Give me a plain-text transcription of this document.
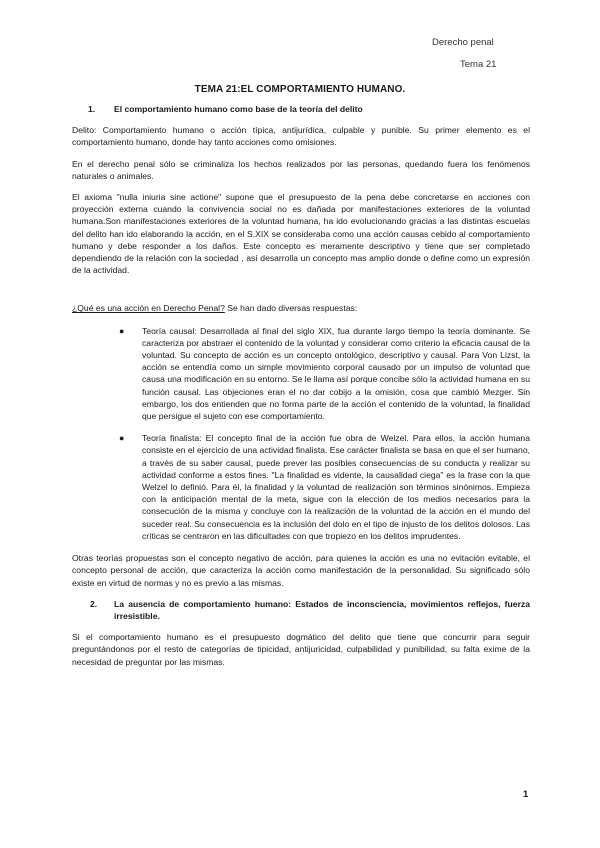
Derecho penal
Tema 21
TEMA 21:EL COMPORTAMIENTO HUMANO.
1.	El comportamiento humano como base de la teoría del delito

Delito: Comportamiento humano o acción típica, antijurídica, culpable y punible. Su primer elemento es el comportamiento humano, donde hay tanto acciones como omisiones.

En el derecho penal sólo se criminaliza los hechos realizados por las personas, quedando fuera los fenómenos naturales o animales.

El axioma "nulla iniuria sine actione" supone que el presupuesto de la pena debe concretarse en acciones con proyección externa cuando la convivencia social no es dañada por manifestaciones exteriores de la voluntad humana.Son manifestaciones exteriores de la voluntad humana, ha ido evolucionando gracias a las distintas escuelas del delito han ido elaborando la acción, en el S.XIX se consideraba como una acción causas cebido al comportamiento humano y debe responder a los daños. Este concepto es meramente descriptivo y tiene que ser completado dependiendo de la relación con la sociedad , así desarrolla un concepto mas amplio donde o define como un expresión de la actividad.

¿Qué es una acción en Derecho Penal? Se han dado diversas respuestas:

● Teoría causal: Desarrollada al final del siglo XIX, fua durante largo tiempo la teoría dominante. Se caracteriza por abstraer el contenido de la voluntad y considerar como criterio la eficacia causal de la voluntad. Su concepto de acción es un concepto ontológico, descriptivo y causal. Para Von Lizst, la acción se entendía como un simple movimiento corporal causado por un impulso de voluntad que causa una modificación en su entorno. Se le llama así porque concibe sólo la actividad humana en su función causal. Las objeciones eran el no dar cobijo a la omisión, cosa que cambió Mezger. Sin embargo, los dos entienden que no forma parte de la acción el contenido de la voluntad, la finalidad que persigue el sujeto con ese comportamiento.
● Teoría finalista: El concepto final de la acción fue obra de Welzel. Para ellos, la acción humana consiste en el ejercicio de una actividad finalista. Ese carácter finalista se basa en que el ser humano, a través de su saber causal, puede prever las posibles consecuencias de su conducta y realizar su actividad conforme a estos fines. "La finalidad es vidente, la causalidad ciega" es la frase con la que Welzel lo definió. Para él, la finalidad y la voluntad de realización son términos sinónimos. Empieza con la anticipación mental de la meta, sigue con la elección de los medios necesarios para la consecución de la misma y concluye con la realización de la voluntad de la acción en el mundo del suceder real. Su consecuencia es la inclusión del dolo en el tipo de injusto de los delitos dolosos. Las críticas se centraron en las dificultades con que tropiezo en los delitos imprudentes.

Otras teorías propuestas son el concepto negativo de acción, para quienes la acción es una no evitación evitable, el concepto personal de acción, que caracteriza la acción como manifestación de la personalidad. Su significado sólo existe en virtud de normas y no es previo a las mismas.

2.	La ausencia de comportamiento humano: Estados de inconsciencia, movimientos reflejos, fuerza irresistible.

Si el comportamiento humano es el presupuesto dogmático del delito que tiene que concurrir para seguir preguntándonos por el resto de categorías de tipicidad, antijuricidad, culpabilidad y punibilidad, su falta exime de la necesidad de preguntar por las mismas.

1
